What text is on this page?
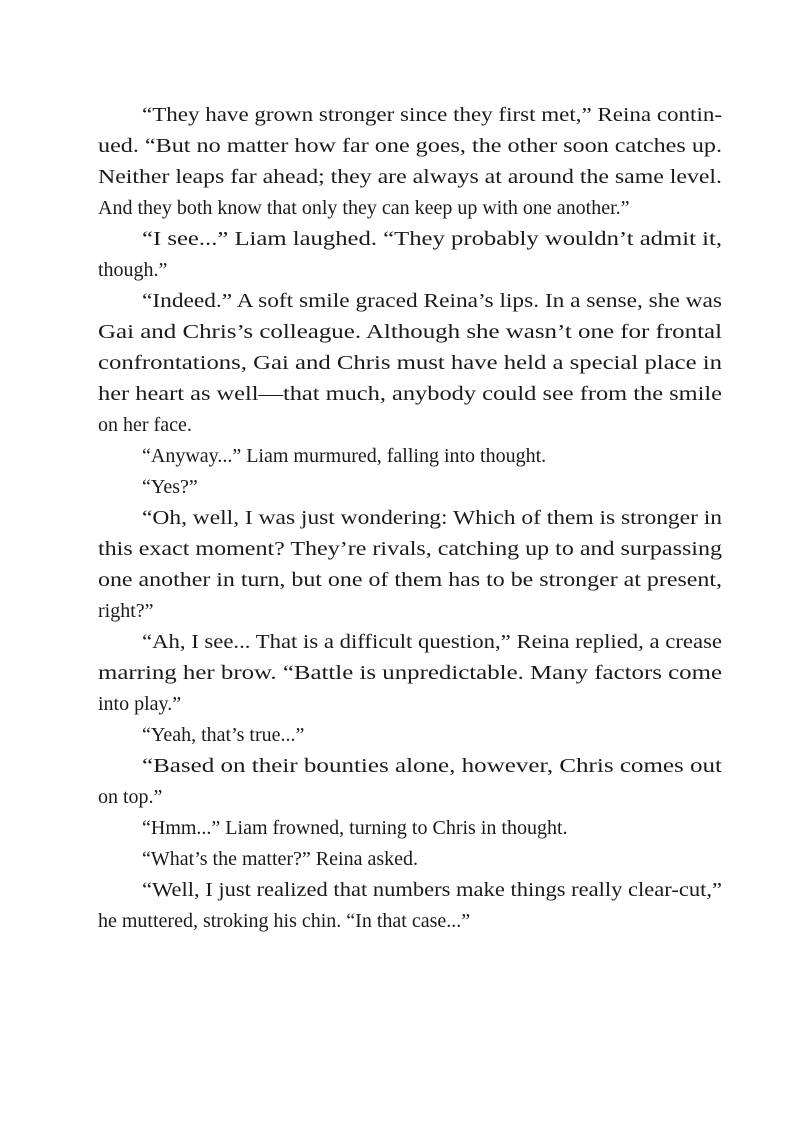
“They have grown stronger since they first met,” Reina contin-
ued. “But no matter how far one goes, the other soon catches up.
Neither leaps far ahead; they are always at around the same level.
And they both know that only they can keep up with one another.”
“I see...” Liam laughed. “They probably wouldn’t admit it,
though.”
“Indeed.” A soft smile graced Reina’s lips. In a sense, she was
Gai and Chris’s colleague. Although she wasn’t one for frontal
confrontations, Gai and Chris must have held a special place in
her heart as well—that much, anybody could see from the smile
on her face.
“Anyway...” Liam murmured, falling into thought.
“Yes?”
“Oh, well, I was just wondering: Which of them is stronger in
this exact moment? They’re rivals, catching up to and surpassing
one another in turn, but one of them has to be stronger at present,
right?”
“Ah, I see... That is a difficult question,” Reina replied, a crease
marring her brow. “Battle is unpredictable. Many factors come
into play.”
“Yeah, that’s true...”
“Based on their bounties alone, however, Chris comes out
on top.”
“Hmm...” Liam frowned, turning to Chris in thought.
“What’s the matter?” Reina asked.
“Well, I just realized that numbers make things really clear-cut,”
he muttered, stroking his chin. “In that case...”
